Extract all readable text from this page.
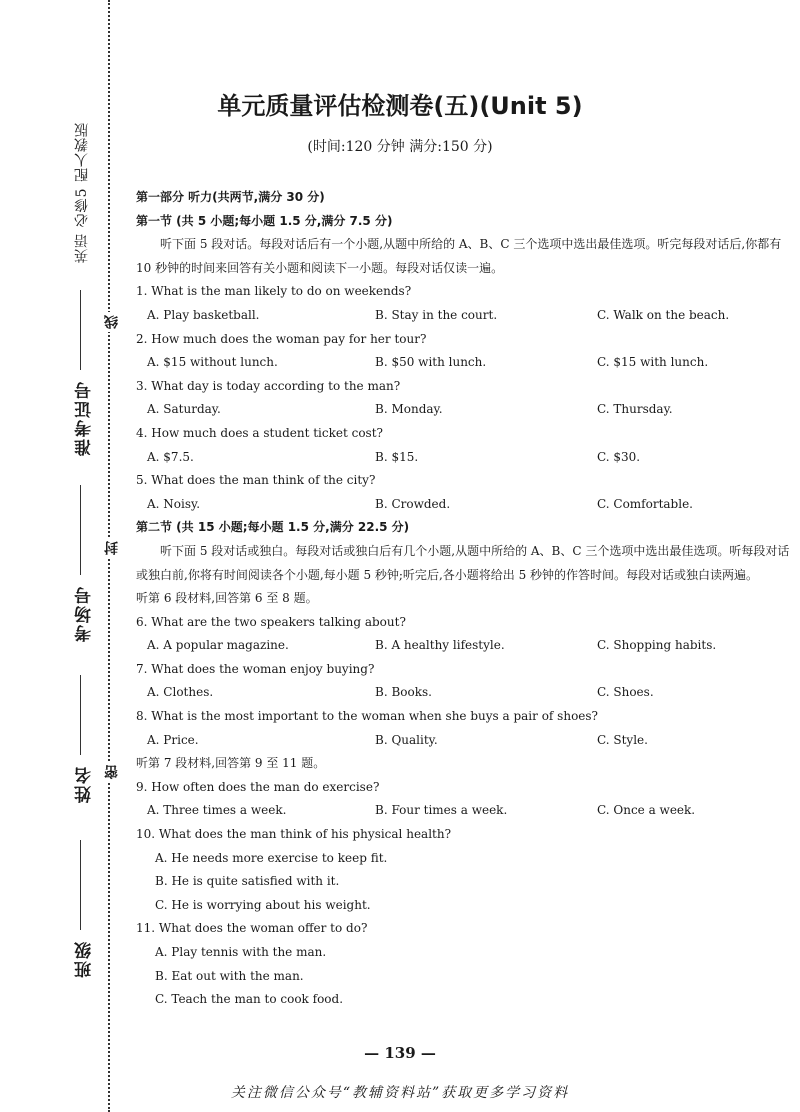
英语 必修5 配人教版
准考证号
考场号
姓名
班级
线
封
密
单元质量评估检测卷(五)(Unit 5)
(时间:120 分钟 满分:150 分)
第一部分 听力(共两节,满分 30 分)
第一节 (共 5 小题;每小题 1.5 分,满分 7.5 分)
听下面 5 段对话。每段对话后有一个小题,从题中所给的 A、B、C 三个选项中选出最佳选项。听完每段对话后,你都有 10 秒钟的时间来回答有关小题和阅读下一小题。每段对话仅读一遍。
1. What is the man likely to do on weekends?
A. Play basketball.	B. Stay in the court.	C. Walk on the beach.
2. How much does the woman pay for her tour?
A. $15 without lunch.	B. $50 with lunch.	C. $15 with lunch.
3. What day is today according to the man?
A. Saturday.	B. Monday.	C. Thursday.
4. How much does a student ticket cost?
A. $7.5.	B. $15.	C. $30.
5. What does the man think of the city?
A. Noisy.	B. Crowded.	C. Comfortable.
第二节 (共 15 小题;每小题 1.5 分,满分 22.5 分)
听下面 5 段对话或独白。每段对话或独白后有几个小题,从题中所给的 A、B、C 三个选项中选出最佳选项。听每段对话或独白前,你将有时间阅读各个小题,每小题 5 秒钟;听完后,各小题将给出 5 秒钟的作答时间。每段对话或独白读两遍。
听第 6 段材料,回答第 6 至 8 题。
6. What are the two speakers talking about?
A. A popular magazine.	B. A healthy lifestyle.	C. Shopping habits.
7. What does the woman enjoy buying?
A. Clothes.	B. Books.	C. Shoes.
8. What is the most important to the woman when she buys a pair of shoes?
A. Price.	B. Quality.	C. Style.
听第 7 段材料,回答第 9 至 11 题。
9. How often does the man do exercise?
A. Three times a week.	B. Four times a week.	C. Once a week.
10. What does the man think of his physical health?
A. He needs more exercise to keep fit.
B. He is quite satisfied with it.
C. He is worrying about his weight.
11. What does the woman offer to do?
A. Play tennis with the man.
B. Eat out with the man.
C. Teach the man to cook food.
— 139 —
关注微信公众号“教辅资料站”获取更多学习资料
